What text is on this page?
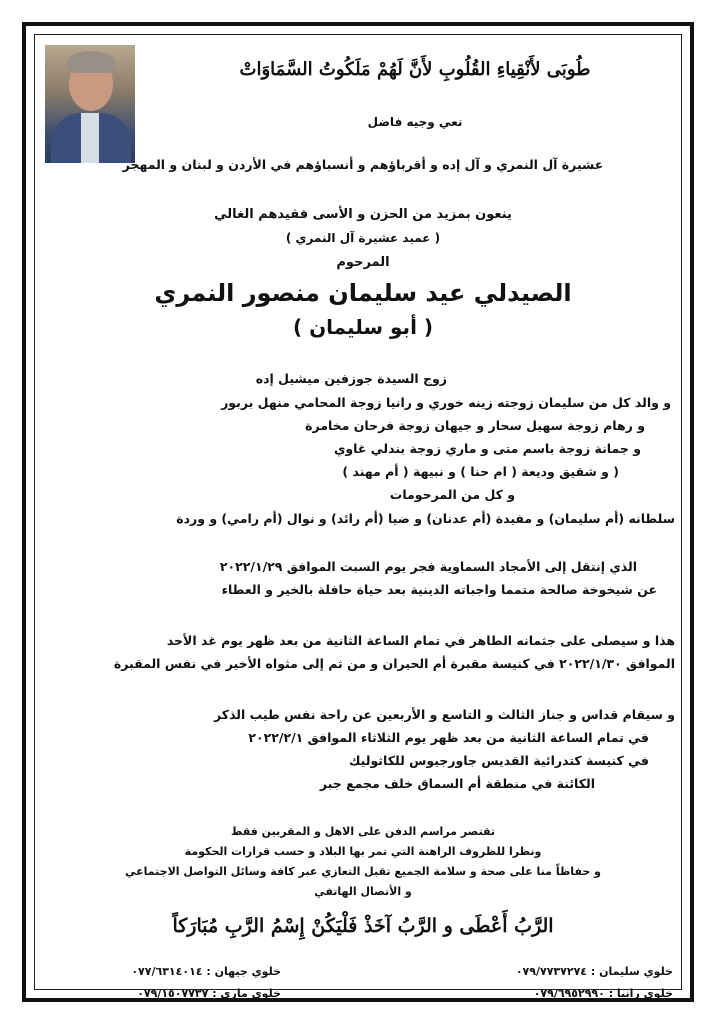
طُوبَى لأَنْقِياءِ القُلُوبِ لأَنَّ لَهُمْ مَلَكُوتُ السَّمَاوَاتْ
نعي وجيه فاضل
عشيرة آل النمري و آل إده و أقرباؤهم و أنسباؤهم في الأردن و لبنان و المهجر
ينعون بمزيد من الحزن و الأسى فقيدهم الغالي
( عميد عشيرة آل النمري )
المرحوم
الصيدلي عيد سليمان منصور النمري
( أبو سليمان )
زوج السيدة جوزفين ميشيل إده
و والد كل من سليمان زوجته زينه خوري و رانيا زوجة المحامي منهل بربور
و رهام زوجة سهيل سحار و جيهان زوجة فرحان مخامرة
و جمانة زوجة باسم متى و ماري زوجة بندلي غاوي
( و شقيق وديعة ( ام حنا ) و نبيهة ( أم مهند )
و كل من المرحومات
سلطانه (أم سليمان) و مفيدة (أم عدنان) و ضيا (أم رائد) و نوال (أم رامي) و وردة
الذي إنتقل إلى الأمجاد السماوية فجر يوم السبت الموافق ٢٠٢٢/١/٢٩
عن شيخوخة صالحة متمما واجباته الدينية بعد حياة حافلة بالخير و العطاء
هذا و سيصلى على جثمانه الطاهر في تمام الساعة الثانية من بعد ظهر يوم غد الأحد
الموافق ٢٠٢٢/١/٣٠ في كنيسة مقبرة أم الحيران و من ثم إلى مثواه الأخير في نفس المقبرة
و سيقام قداس و جناز الثالث و التاسع و الأربعين عن راحة نفس طيب الذكر
في تمام الساعة الثانية من بعد ظهر يوم الثلاثاء الموافق ٢٠٢٢/٢/١
في كنيسة كتدرائية القديس جاورجيوس للكاثوليك
الكائنة في منطقة أم السماق خلف مجمع جبر
تقتصر مراسم الدفن على الاهل و المقربين فقط
ونظرا للظروف الراهنة التي تمر بها البلاد و حسب قرارات الحكومة
و حفاظاً منا على صحة و سلامة الجميع تقبل التعازي عبر كافة وسائل التواصل الاجتماعي
و الأتصال الهاتفي
الرَّبُ أَعْطَى و الرَّبُ آخَذْ فَلْيَكُنْ إِسْمُ الرَّبِ مُبَارَكاً
خلوي سليمان : ٠٧٩/٧٧٣٧٢٧٤
خلوي جيهان : ٠٧٧/٦٣١٤٠١٤
خلوي رانيا : ٠٧٩/٦٩٥٢٩٩٠
خلوي ماري : ٠٧٩/١٥٠٧٧٣٧
